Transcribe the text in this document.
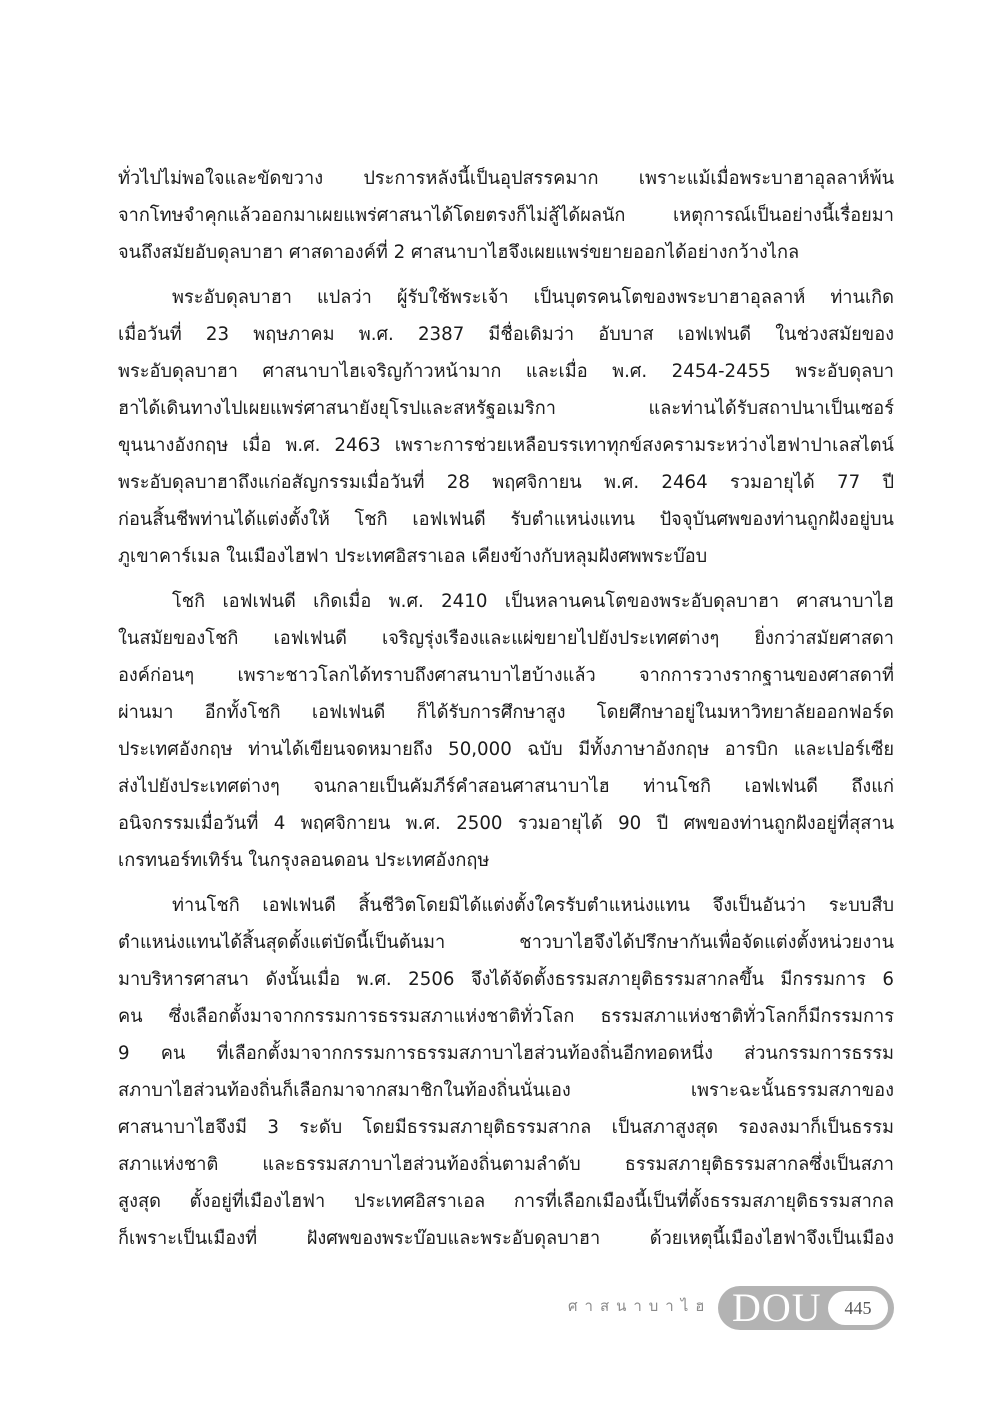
ทั่วไปไม่พอใจและขัดขวาง ประการหลังนี้เป็นอุปสรรคมาก เพราะแม้เมื่อพระบาฮาอุลลาห์พ้น
จากโทษจำคุกแล้วออกมาเผยแพร่ศาสนาได้โดยตรงก็ไม่สู้ได้ผลนัก เหตุการณ์เป็นอย่างนี้เรื่อยมา
จนถึงสมัยอับดุลบาฮา ศาสดาองค์ที่ 2 ศาสนาบาไฮจึงเผยแพร่ขยายออกได้อย่างกว้างไกล
พระอับดุลบาฮา แปลว่า ผู้รับใช้พระเจ้า เป็นบุตรคนโตของพระบาฮาอุลลาห์ ท่านเกิด
เมื่อวันที่ 23 พฤษภาคม พ.ศ. 2387 มีชื่อเดิมว่า อับบาส เอฟเฟนดี ในช่วงสมัยของ
พระอับดุลบาฮา ศาสนาบาไฮเจริญก้าวหน้ามาก และเมื่อ พ.ศ. 2454-2455 พระอับดุลบา
ฮาได้เดินทางไปเผยแพร่ศาสนายังยุโรปและสหรัฐอเมริกา และท่านได้รับสถาปนาเป็นเซอร์
ขุนนางอังกฤษ เมื่อ พ.ศ. 2463 เพราะการช่วยเหลือบรรเทาทุกข์สงครามระหว่างไฮฟาปาเลสไตน์
พระอับดุลบาฮาถึงแก่อสัญกรรมเมื่อวันที่ 28 พฤศจิกายน พ.ศ. 2464 รวมอายุได้ 77 ปี
ก่อนสิ้นชีพท่านได้แต่งตั้งให้ โชกิ เอฟเฟนดี รับตำแหน่งแทน ปัจจุบันศพของท่านถูกฝังอยู่บน
ภูเขาคาร์เมล ในเมืองไฮฟา ประเทศอิสราเอล เคียงข้างกับหลุมฝังศพพระบ๊อบ
โชกิ เอฟเฟนดี เกิดเมื่อ พ.ศ. 2410 เป็นหลานคนโตของพระอับดุลบาฮา ศาสนาบาไฮ
ในสมัยของโชกิ เอฟเฟนดี เจริญรุ่งเรืองและแผ่ขยายไปยังประเทศต่างๆ ยิ่งกว่าสมัยศาสดา
องค์ก่อนๆ เพราะชาวโลกได้ทราบถึงศาสนาบาไฮบ้างแล้ว จากการวางรากฐานของศาสดาที่
ผ่านมา อีกทั้งโชกิ เอฟเฟนดี ก็ได้รับการศึกษาสูง โดยศึกษาอยู่ในมหาวิทยาลัยออกฟอร์ด
ประเทศอังกฤษ ท่านได้เขียนจดหมายถึง 50,000 ฉบับ มีทั้งภาษาอังกฤษ อารบิก และเปอร์เซีย
ส่งไปยังประเทศต่างๆ จนกลายเป็นคัมภีร์คำสอนศาสนาบาไฮ ท่านโชกิ เอฟเฟนดี ถึงแก่
อนิจกรรมเมื่อวันที่ 4 พฤศจิกายน พ.ศ. 2500 รวมอายุได้ 90 ปี ศพของท่านถูกฝังอยู่ที่สุสาน
เกรทนอร์ทเทิร์น ในกรุงลอนดอน ประเทศอังกฤษ
ท่านโชกิ เอฟเฟนดี สิ้นชีวิตโดยมิได้แต่งตั้งใครรับตำแหน่งแทน จึงเป็นอันว่า ระบบสืบ
ตำแหน่งแทนได้สิ้นสุดตั้งแต่บัดนี้เป็นต้นมา ชาวบาไฮจึงได้ปรึกษากันเพื่อจัดแต่งตั้งหน่วยงาน
มาบริหารศาสนา ดังนั้นเมื่อ พ.ศ. 2506 จึงได้จัดตั้งธรรมสภายุติธรรมสากลขึ้น มีกรรมการ 6
คน ซึ่งเลือกตั้งมาจากกรรมการธรรมสภาแห่งชาติทั่วโลก ธรรมสภาแห่งชาติทั่วโลกก็มีกรรมการ
9 คน ที่เลือกตั้งมาจากกรรมการธรรมสภาบาไฮส่วนท้องถิ่นอีกทอดหนึ่ง ส่วนกรรมการธรรม
สภาบาไฮส่วนท้องถิ่นก็เลือกมาจากสมาชิกในท้องถิ่นนั่นเอง เพราะฉะนั้นธรรมสภาของ
ศาสนาบาไฮจึงมี 3 ระดับ โดยมีธรรมสภายุติธรรมสากล เป็นสภาสูงสุด รองลงมาก็เป็นธรรม
สภาแห่งชาติ และธรรมสภาบาไฮส่วนท้องถิ่นตามลำดับ ธรรมสภายุติธรรมสากลซึ่งเป็นสภา
สูงสุด ตั้งอยู่ที่เมืองไฮฟา ประเทศอิสราเอล การที่เลือกเมืองนี้เป็นที่ตั้งธรรมสภายุติธรรมสากล
ก็เพราะเป็นเมืองที่ ฝังศพของพระบ๊อบและพระอับดุลบาฮา ด้วยเหตุนี้เมืองไฮฟาจึงเป็นเมือง
ศาสนาบาไฮ DOU	445
